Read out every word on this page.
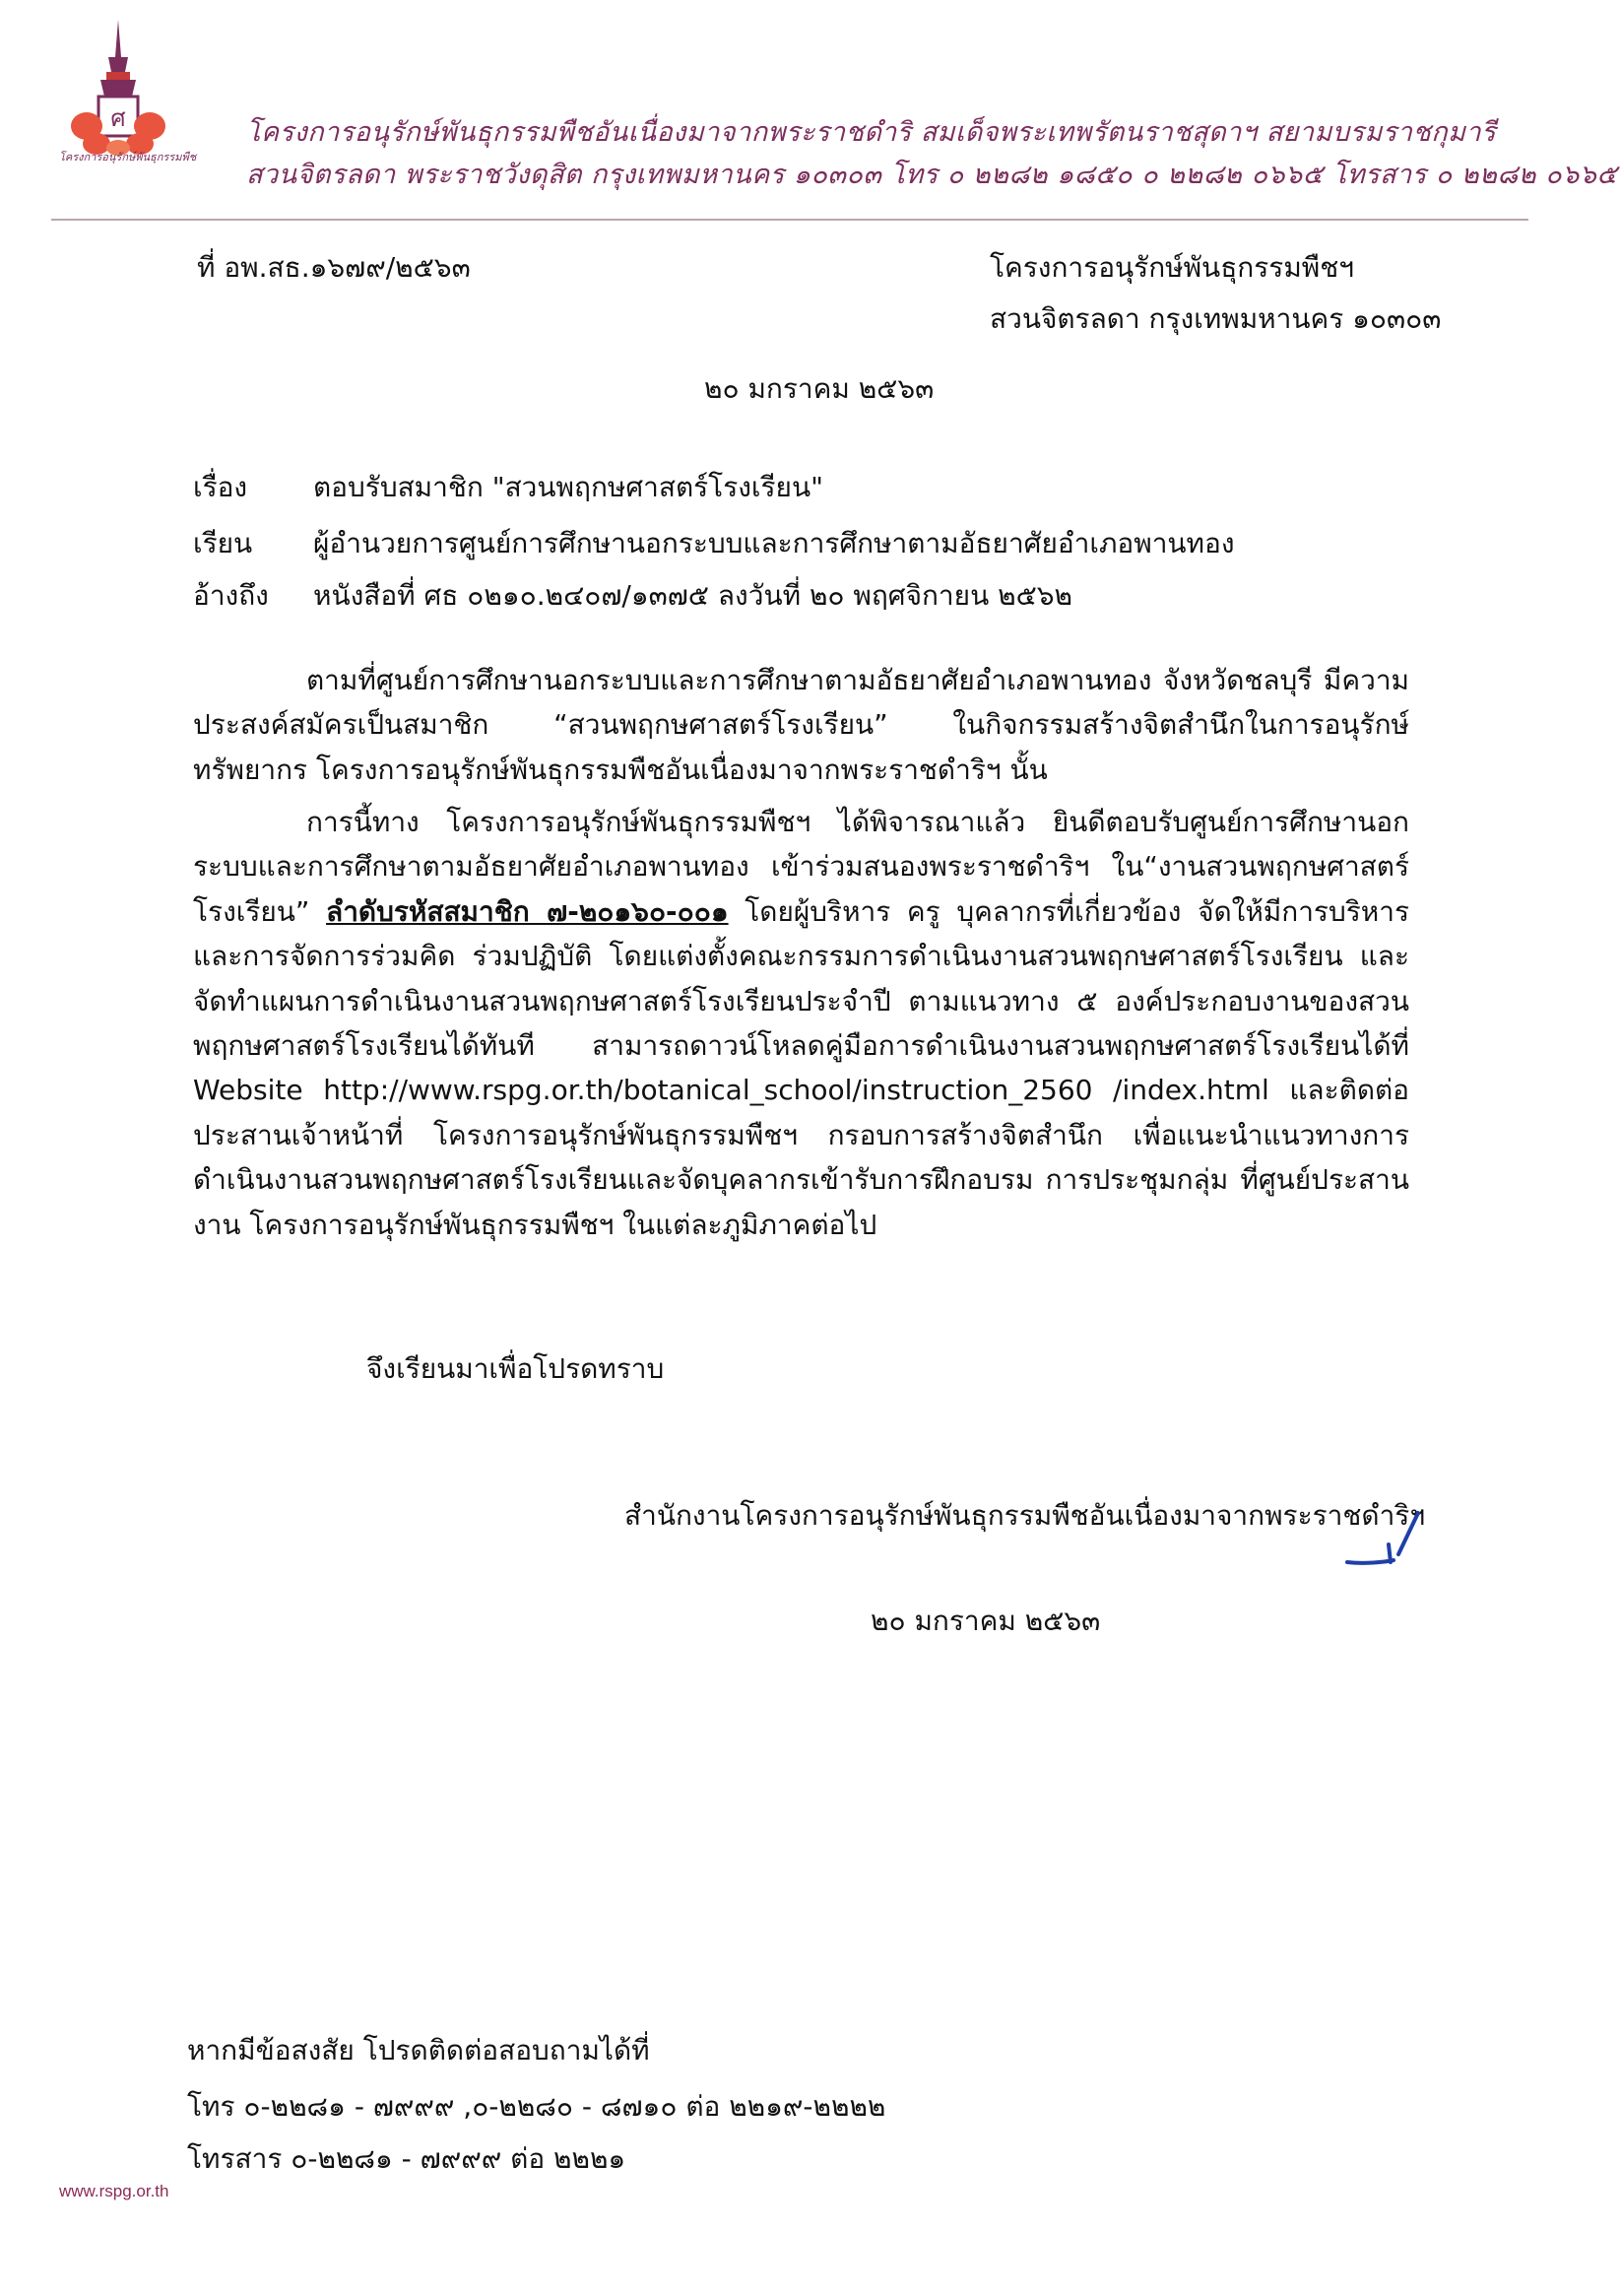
ศ
โครงการอนุรักษ์พันธุกรรมพืช
โครงการอนุรักษ์พันธุกรรมพืชอันเนื่องมาจากพระราชดำริ สมเด็จพระเทพรัตนราชสุดาฯ สยามบรมราชกุมารี
สวนจิตรลดา พระราชวังดุสิต กรุงเทพมหานคร ๑๐๓๐๓ โทร ๐ ๒๒๘๒ ๑๘๕๐ ๐ ๒๒๘๒ ๐๖๖๕ โทรสาร ๐ ๒๒๘๒ ๐๖๖๕
ที่ อพ.สธ.๑๖๗๙/๒๕๖๓	โครงการอนุรักษ์พันธุกรรมพืชฯ
สวนจิตรลดา กรุงเทพมหานคร ๑๐๓๐๓
๒๐ มกราคม ๒๕๖๓
เรื่อง ตอบรับสมาชิก "สวนพฤกษศาสตร์โรงเรียน"
เรียน ผู้อำนวยการศูนย์การศึกษานอกระบบและการศึกษาตามอัธยาศัยอำเภอพานทอง
อ้างถึง หนังสือที่ ศธ ๐๒๑๐.๒๔๐๗/๑๓๗๕ ลงวันที่ ๒๐ พฤศจิกายน ๒๕๖๒
ตามที่ศูนย์การศึกษานอกระบบและการศึกษาตามอัธยาศัยอำเภอพานทอง จังหวัดชลบุรี มีความประสงค์สมัครเป็นสมาชิก “สวนพฤกษศาสตร์โรงเรียน” ในกิจกรรมสร้างจิตสำนึกในการอนุรักษ์ทรัพยากร โครงการอนุรักษ์พันธุกรรมพืชอันเนื่องมาจากพระราชดำริฯ นั้น
การนี้ทาง โครงการอนุรักษ์พันธุกรรมพืชฯ ได้พิจารณาแล้ว ยินดีตอบรับศูนย์การศึกษานอกระบบและการศึกษาตามอัธยาศัยอำเภอพานทอง เข้าร่วมสนองพระราชดำริฯ ใน“งานสวนพฤกษศาสตร์โรงเรียน” ลำดับรหัสสมาชิก ๗-๒๐๑๖๐-๐๐๑ โดยผู้บริหาร ครู บุคลากรที่เกี่ยวข้อง จัดให้มีการบริหารและการจัดการร่วมคิด ร่วมปฏิบัติ โดยแต่งตั้งคณะกรรมการดำเนินงานสวนพฤกษศาสตร์โรงเรียน และจัดทำแผนการดำเนินงานสวนพฤกษศาสตร์โรงเรียนประจำปี ตามแนวทาง ๕ องค์ประกอบงานของสวนพฤกษศาสตร์โรงเรียนได้ทันที สามารถดาวน์โหลดคู่มือการดำเนินงานสวนพฤกษศาสตร์โรงเรียนได้ที่ Website http://www.rspg.or.th/botanical_school/instruction_2560 /index.html และติดต่อประสานเจ้าหน้าที่ โครงการอนุรักษ์พันธุกรรมพืชฯ กรอบการสร้างจิตสำนึก เพื่อแนะนำแนวทางการดำเนินงานสวนพฤกษศาสตร์โรงเรียนและจัดบุคลากรเข้ารับการฝึกอบรม การประชุมกลุ่ม ที่ศูนย์ประสานงาน โครงการอนุรักษ์พันธุกรรมพืชฯ ในแต่ละภูมิภาคต่อไป
จึงเรียนมาเพื่อโปรดทราบ
สำนักงานโครงการอนุรักษ์พันธุกรรมพืชอันเนื่องมาจากพระราชดำริฯ
๒๐ มกราคม ๒๕๖๓
หากมีข้อสงสัย โปรดติดต่อสอบถามได้ที่
โทร ๐-๒๒๘๑ - ๗๙๙๙ ,๐-๒๒๘๐ - ๘๗๑๐ ต่อ ๒๒๑๙-๒๒๒๒
โทรสาร ๐-๒๒๘๑ - ๗๙๙๙ ต่อ ๒๒๒๑
www.rspg.or.th
